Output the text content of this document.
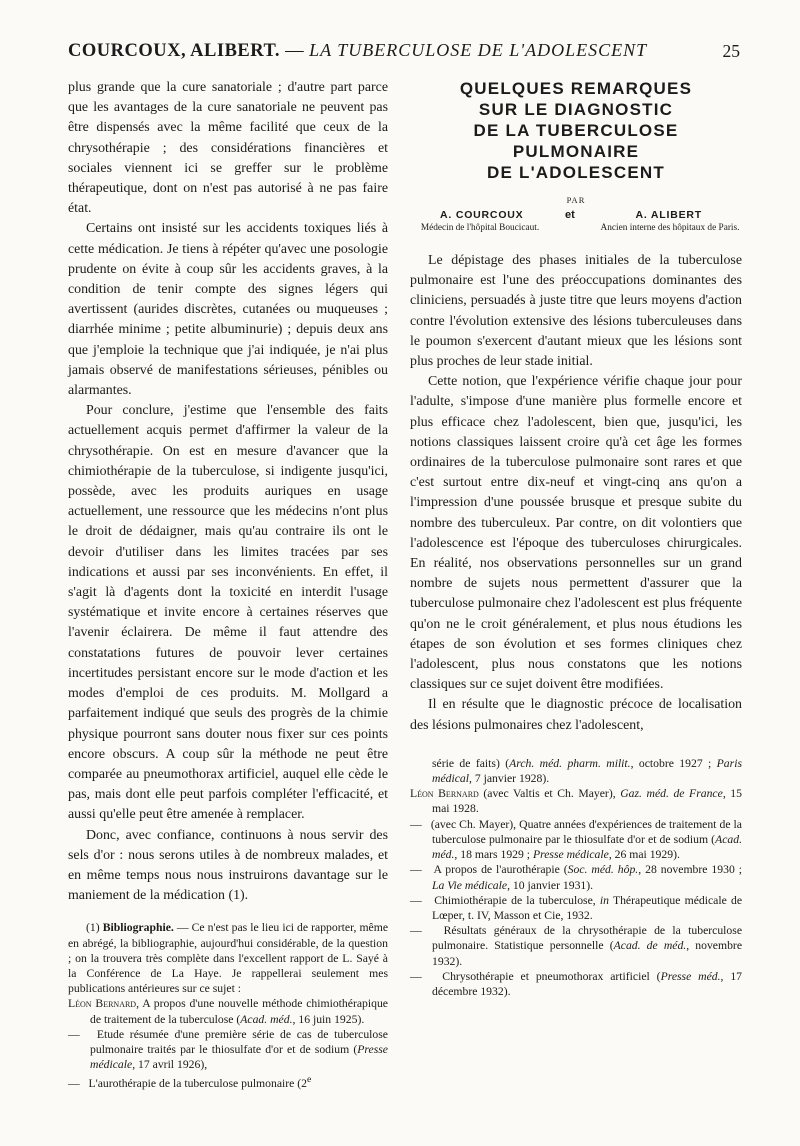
COURCOUX, ALIBERT. — LA TUBERCULOSE DE L'ADOLESCENT	25

plus grande que la cure sanatoriale ; d'autre part parce que les avantages de la cure sanatoriale ne peuvent pas être dispensés avec la même facilité que ceux de la chrysothérapie ; des considérations financières et sociales viennent ici se greffer sur le problème thérapeutique, dont on n'est pas autorisé à ne pas faire état.

Certains ont insisté sur les accidents toxiques liés à cette médication. Je tiens à répéter qu'avec une posologie prudente on évite à coup sûr les accidents graves, à la condition de tenir compte des signes légers qui avertissent (aurides discrètes, cutanées ou muqueuses ; diarrhée minime ; petite albuminurie) ; depuis deux ans que j'emploie la technique que j'ai indiquée, je n'ai plus jamais observé de manifestations sérieuses, pénibles ou alarmantes.

Pour conclure, j'estime que l'ensemble des faits actuellement acquis permet d'affirmer la valeur de la chrysothérapie. On est en mesure d'avancer que la chimiothérapie de la tuberculose, si indigente jusqu'ici, possède, avec les produits auriques en usage actuellement, une ressource que les médecins n'ont plus le droit de dédaigner, mais qu'au contraire ils ont le devoir d'utiliser dans les limites tracées par ses indications et aussi par ses inconvénients. En effet, il s'agit là d'agents dont la toxicité en interdit l'usage systématique et invite encore à certaines réserves que l'avenir éclairera. De même il faut attendre des constatations futures de pouvoir lever certaines incertitudes persistant encore sur le mode d'action et les modes d'emploi de ces produits. M. Mollgard a parfaitement indiqué que seuls des progrès de la chimie physique pourront sans douter nous fixer sur ces points encore obscurs. A coup sûr la méthode ne peut être comparée au pneumothorax artificiel, auquel elle cède le pas, mais dont elle peut parfois compléter l'efficacité, et aussi qu'elle peut être amenée à remplacer.

Donc, avec confiance, continuons à nous servir des sels d'or : nous serons utiles à de nombreux malades, et en même temps nous nous instruirons davantage sur le maniement de la médication (1).

(1) Bibliographie. — Ce n'est pas le lieu ici de rapporter, même en abrégé, la bibliographie, aujourd'hui considérable, de la question ; on la trouvera très complète dans l'excellent rapport de L. Sayé à la Conférence de La Haye. Je rappellerai seulement mes publications antérieures sur ce sujet :

Léon Bernard, A propos d'une nouvelle méthode chimiothérapique de traitement de la tuberculose (Acad. méd., 16 juin 1925).

— Etude résumée d'une première série de cas de tuberculose pulmonaire traités par le thiosulfate d'or et de sodium (Presse médicale, 17 avril 1926),

— L'aurothérapie de la tuberculose pulmonaire (2e

QUELQUES REMARQUES
SUR LE DIAGNOSTIC
DE LA TUBERCULOSE
PULMONAIRE
DE L'ADOLESCENT
PAR
A. COURCOUX	et	A. ALIBERT
Médecin de l'hôpital Boucicaut.	Ancien interne des hôpitaux de Paris.

Le dépistage des phases initiales de la tuberculose pulmonaire est l'une des préoccupations dominantes des cliniciens, persuadés à juste titre que leurs moyens d'action contre l'évolution extensive des lésions tuberculeuses dans le poumon s'exercent d'autant mieux que les lésions sont plus proches de leur stade initial.

Cette notion, que l'expérience vérifie chaque jour pour l'adulte, s'impose d'une manière plus formelle encore et plus efficace chez l'adolescent, bien que, jusqu'ici, les notions classiques laissent croire qu'à cet âge les formes ordinaires de la tuberculose pulmonaire sont rares et que c'est surtout entre dix-neuf et vingt-cinq ans qu'on a l'impression d'une poussée brusque et presque subite du nombre des tuberculeux. Par contre, on dit volontiers que l'adolescence est l'époque des tuberculoses chirurgicales. En réalité, nos observations personnelles sur un grand nombre de sujets nous permettent d'assurer que la tuberculose pulmonaire chez l'adolescent est plus fréquente qu'on ne le croit généralement, et plus nous étudions les étapes de son évolution et ses formes cliniques chez l'adolescent, plus nous constatons que les notions classiques sur ce sujet doivent être modifiées.

Il en résulte que le diagnostic précoce de localisation des lésions pulmonaires chez l'adolescent,

série de faits) (Arch. méd. pharm. milit., octobre 1927 ; Paris médical, 7 janvier 1928).

Léon Bernard (avec Valtis et Ch. Mayer), Gaz. méd. de France, 15 mai 1928.

— (avec Ch. Mayer), Quatre années d'expériences de traitement de la tuberculose pulmonaire par le thiosulfate d'or et de sodium (Acad. méd., 18 mars 1929 ; Presse médicale, 26 mai 1929).

— A propos de l'aurothérapie (Soc. méd. hôp., 28 novembre 1930 ; La Vie médicale, 10 janvier 1931).

— Chimiothérapie de la tuberculose, in Thérapeutique médicale de Lœper, t. IV, Masson et Cie, 1932.

— Résultats généraux de la chrysothérapie de la tuberculose pulmonaire. Statistique personnelle (Acad. de méd., novembre 1932).

— Chrysothérapie et pneumothorax artificiel (Presse méd., 17 décembre 1932).
